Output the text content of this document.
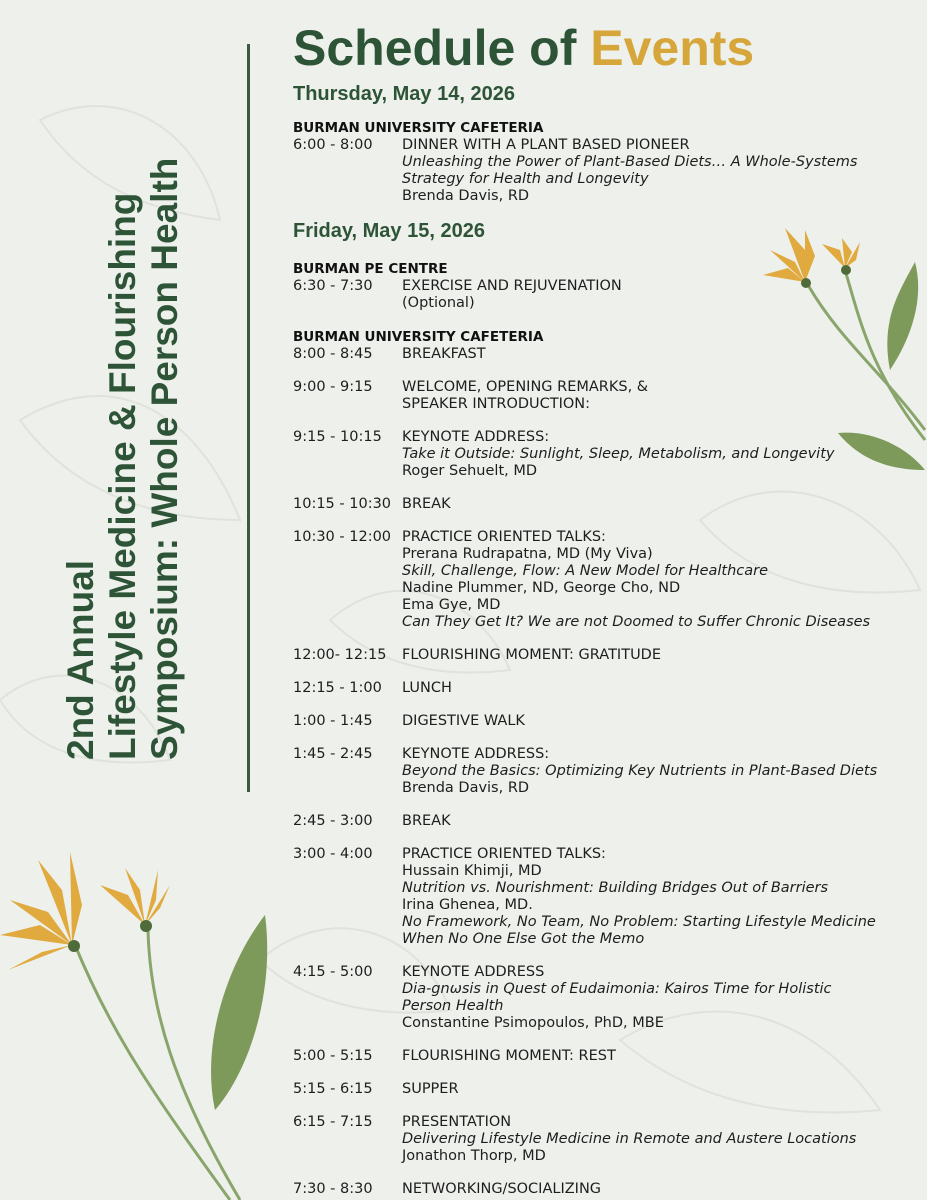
2nd Annual Lifestyle Medicine & Flourishing Symposium: Whole Person Health
Schedule of Events
Thursday, May 14, 2026
BURMAN UNIVERSITY CAFETERIA
6:00 - 8:00	DINNER WITH A PLANT BASED PIONEER
Unleashing the Power of Plant-Based Diets… A Whole-Systems
Strategy for Health and Longevity
Brenda Davis, RD
Friday, May 15, 2026
BURMAN PE CENTRE
6:30 - 7:30	EXERCISE AND REJUVENATION
(Optional)
BURMAN UNIVERSITY CAFETERIA
8:00 - 8:45	BREAKFAST
9:00 - 9:15	WELCOME, OPENING REMARKS, &
SPEAKER INTRODUCTION:
9:15 - 10:15	KEYNOTE ADDRESS:
Take it Outside: Sunlight, Sleep, Metabolism, and Longevity
Roger Sehuelt, MD
10:15 - 10:30 BREAK
10:30 - 12:00 PRACTICE ORIENTED TALKS:
Prerana Rudrapatna, MD (My Viva)
Skill, Challenge, Flow: A New Model for Healthcare
Nadine Plummer, ND, George Cho, ND
Ema Gye, MD
Can They Get It? We are not Doomed to Suffer Chronic Diseases
12:00- 12:15	FLOURISHING MOMENT: GRATITUDE
12:15 - 1:00	LUNCH
1:00 - 1:45	DIGESTIVE WALK
1:45 - 2:45	KEYNOTE ADDRESS:
Beyond the Basics: Optimizing Key Nutrients in Plant-Based Diets
Brenda Davis, RD
2:45 - 3:00	BREAK
3:00 - 4:00	PRACTICE ORIENTED TALKS:
Hussain Khimji, MD
Nutrition vs. Nourishment: Building Bridges Out of Barriers
Irina Ghenea, MD.
No Framework, No Team, No Problem: Starting Lifestyle Medicine
When No One Else Got the Memo
4:15 - 5:00	KEYNOTE ADDRESS
Dia-gnωsis in Quest of Eudaimonia: Kairos Time for Holistic
Person Health
Constantine Psimopoulos, PhD, MBE
5:00 - 5:15	FLOURISHING MOMENT: REST
5:15 - 6:15	SUPPER
6:15 - 7:15	PRESENTATION
Delivering Lifestyle Medicine in Remote and Austere Locations
Jonathon Thorp, MD
7:30 - 8:30	NETWORKING/SOCIALIZING
